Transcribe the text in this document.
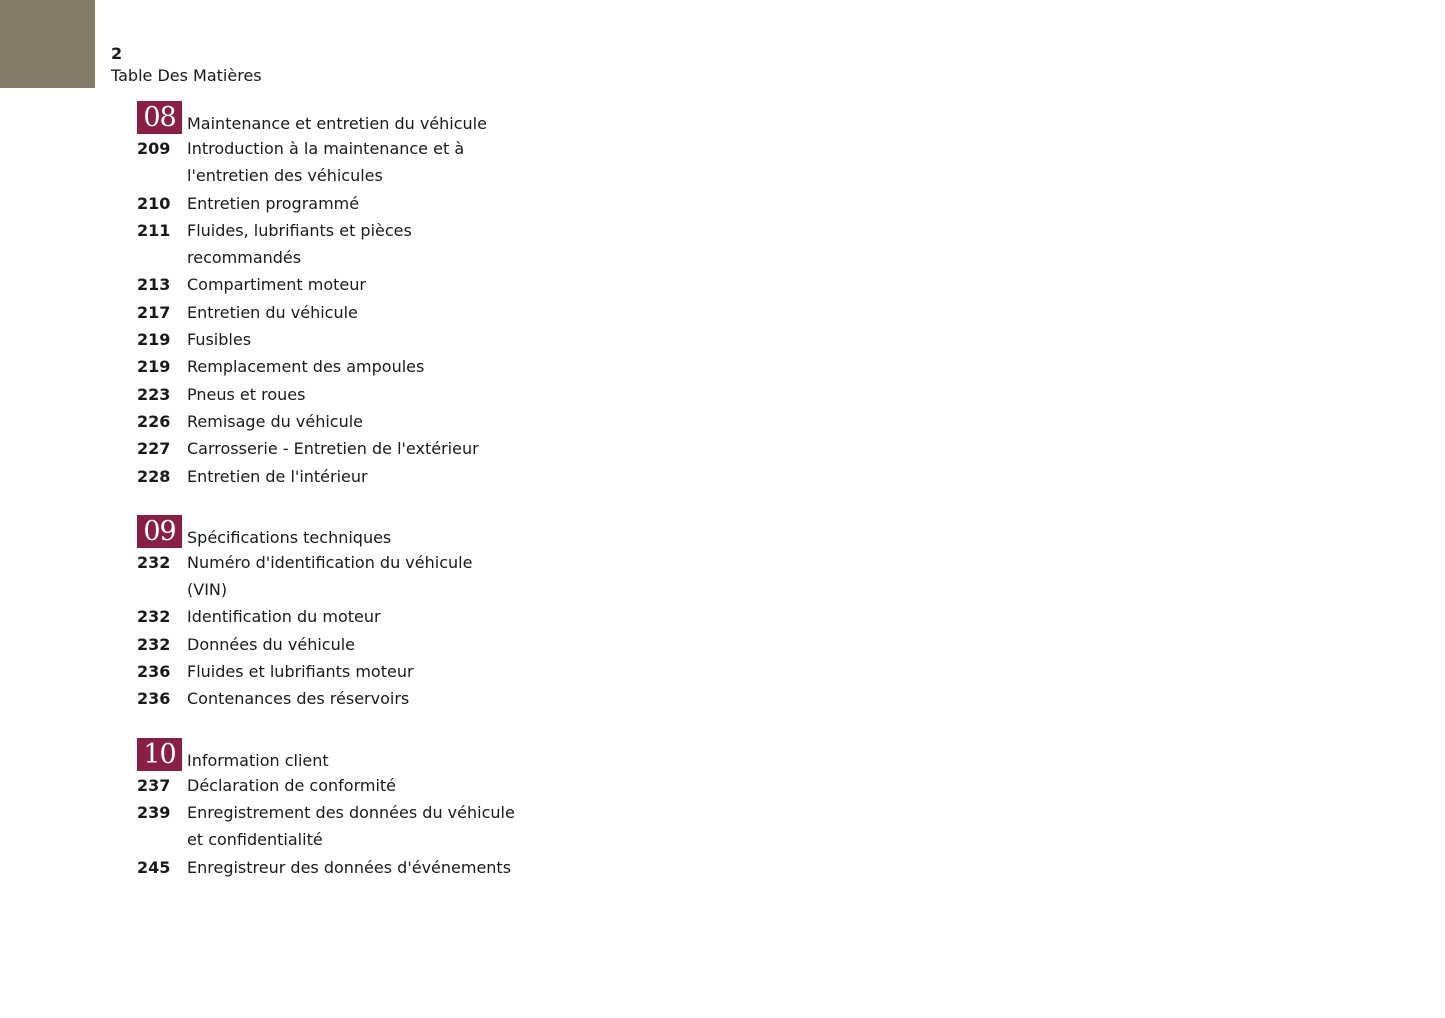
2
Table Des Matières
08 Maintenance et entretien du véhicule
209	Introduction à la maintenance et à
l'entretien des véhicules
210	Entretien programmé
211	Fluides, lubrifiants et pièces
recommandés
213	Compartiment moteur
217	Entretien du véhicule
219	Fusibles
219	Remplacement des ampoules
223	Pneus et roues
226	Remisage du véhicule
227	Carrosserie - Entretien de l'extérieur
228	Entretien de l'intérieur
09 Spécifications techniques
232	Numéro d'identification du véhicule
(VIN)
232	Identification du moteur
232	Données du véhicule
236	Fluides et lubrifiants moteur
236	Contenances des réservoirs
10 Information client
237	Déclaration de conformité
239	Enregistrement des données du véhicule
et confidentialité
245	Enregistreur des données d'événements
